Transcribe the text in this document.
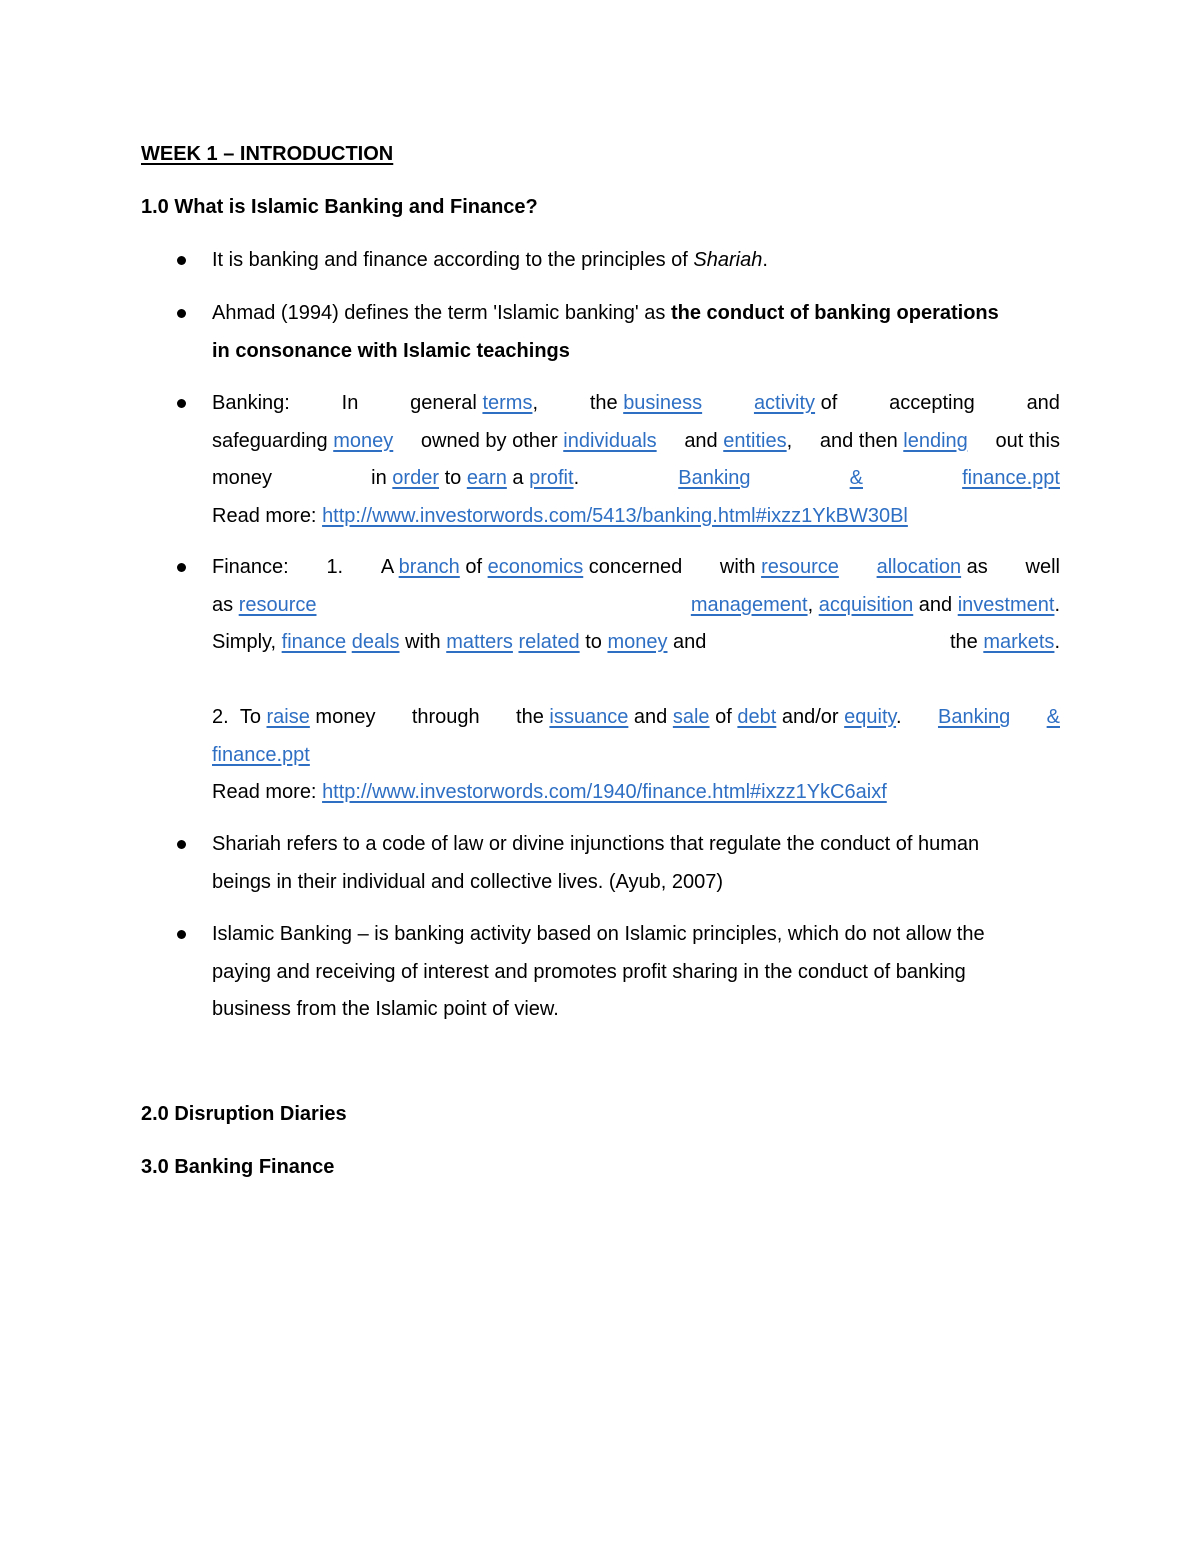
WEEK 1 – INTRODUCTION
1.0 What is Islamic Banking and Finance?
It is banking and finance according to the principles of Shariah.
Ahmad (1994) defines the term 'Islamic banking' as the conduct of banking operations
in consonance with Islamic teachings
Banking:	In	general terms,	the business	activity of	accepting	and
safeguarding money owned by other individuals and entities, and then lending out this
money	in order to earn a profit.	Banking	&	finance.ppt
Read more: http://www.investorwords.com/5413/banking.html#ixzz1YkBW30Bl
Finance: 1. A branch of economics concerned with resource allocation as well
as resource	management, acquisition and investment.
Simply, finance deals with matters related to money and	the markets.
2. To raise money through the issuance and sale of debt and/or equity. Banking &
finance.ppt
Read more: http://www.investorwords.com/1940/finance.html#ixzz1YkC6aixf
Shariah refers to a code of law or divine injunctions that regulate the conduct of human
beings in their individual and collective lives. (Ayub, 2007)
Islamic Banking – is banking activity based on Islamic principles, which do not allow the
paying and receiving of interest and promotes profit sharing in the conduct of banking
business from the Islamic point of view.
2.0 Disruption Diaries
3.0 Banking Finance
